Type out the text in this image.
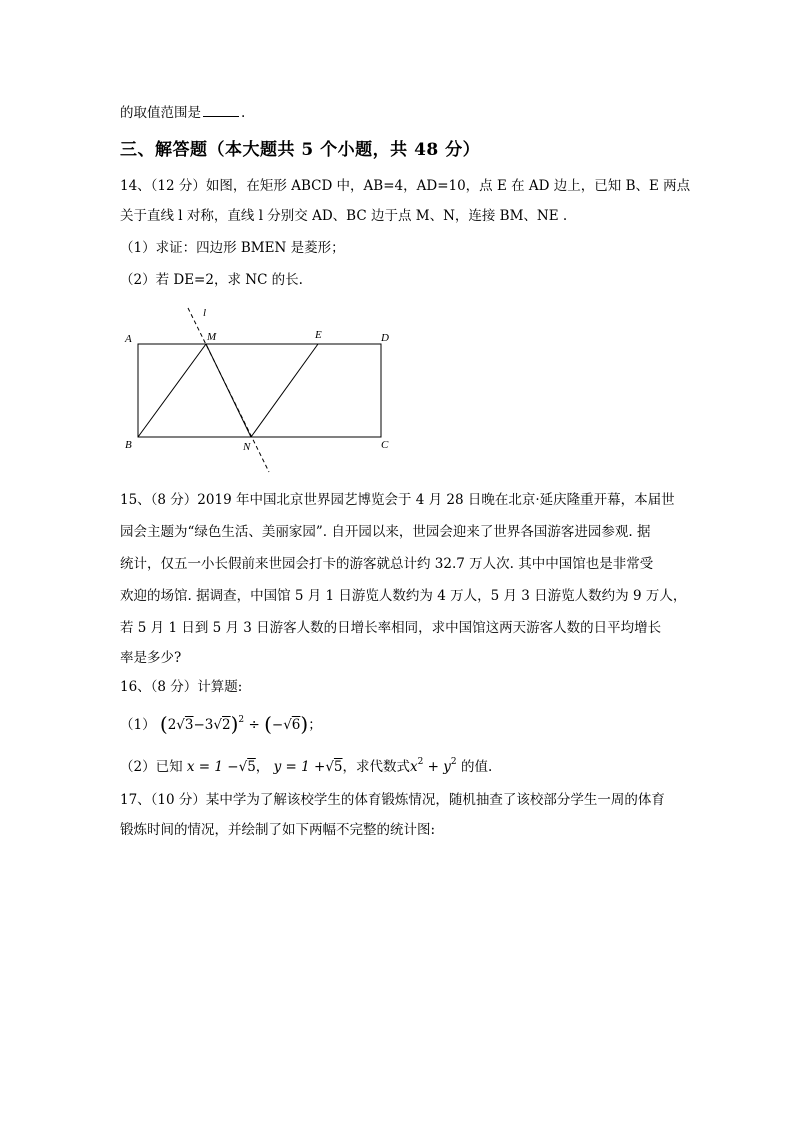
的取值范围是	.
三、解答题（本大题共 5 个小题，共 48 分）
14、（12 分）如图，在矩形 ABCD 中，AB=4，AD=10，点 E 在 AD 边上，已知 B、E 两点
关于直线 l 对称，直线 l 分别交 AD、BC 边于点 M、N，连接 BM、NE .
（1）求证：四边形 BMEN 是菱形；
（2）若 DE=2，求 NC 的长.
l
A	M	E	D
B	N	C
15、（8 分）2019 年中国北京世界园艺博览会于 4 月 28 日晚在北京·延庆隆重开幕，本届世
园会主题为“绿色生活、美丽家园”. 自开园以来，世园会迎来了世界各国游客进园参观. 据
统计，仅五一小长假前来世园会打卡的游客就总计约 32.7 万人次. 其中中国馆也是非常受
欢迎的场馆. 据调查，中国馆 5 月 1 日游览人数约为 4 万人，5 月 3 日游览人数约为 9 万人，
若 5 月 1 日到 5 月 3 日游客人数的日增长率相同，求中国馆这两天游客人数的日平均增长
率是多少?
16、（8 分）计算题:
（1） $(2√3-3√2)^2 \div (-√6)$；
（2）已知 x = 1 −√5， y = 1 +√5，求代数式$x^2 + y^2$ 的值.
17、（10 分）某中学为了解该校学生的体育锻炼情况，随机抽查了该校部分学生一周的体育
锻炼时间的情况，并绘制了如下两幅不完整的统计图:
